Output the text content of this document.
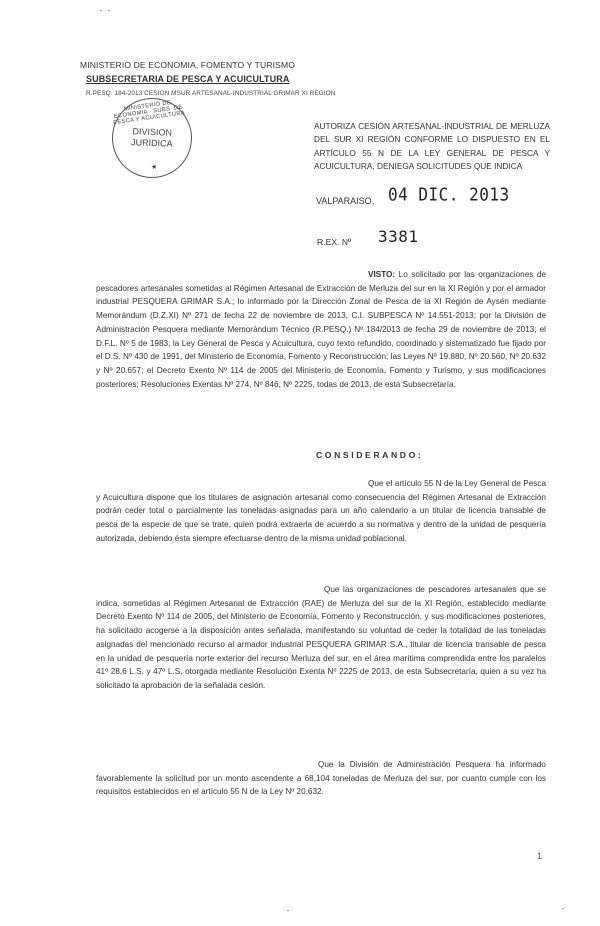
MINISTERIO DE ECONOMIA, FOMENTO Y TURISMO
SUBSECRETARIA DE PESCA Y ACUICULTURA
R.PESQ. 184-2013 CESION MSUR ARTESANAL-INDUSTRIAL GRIMAR XI REGION
MINISTERIO DE ECONOMIA · SUBS. DE PESCA Y ACUICULTURA
DIVISION
JURIDICA
★
AUTORIZA CESIÓN ARTESANAL-INDUSTRIAL DE MERLUZA DEL SUR XI REGIÓN CONFORME LO DISPUESTO EN EL ARTÍCULO 55 N DE LA LEY GENERAL DE PESCA Y ACUICULTURA, DENIEGA SOLICITUDES QUE INDICA
VALPARAISO, 04 DIC. 2013
R.EX. Nº 3381
VISTO: Lo solicitado por las organizaciones de pescadores artesanales sometidas al Régimen Artesanal de Extracción de Merluza del sur en la XI Región y por el armador industrial PESQUERA GRIMAR S.A.; lo informado por la Dirección Zonal de Pesca de la XI Región de Aysén mediante Memorándum (D.Z.XI) Nº 271 de fecha 22 de noviembre de 2013, C.I. SUBPESCA Nº 14.551-2013; por la División de Administración Pesquera mediante Memorándum Técnico (R.PESQ.) Nº 184/2013 de fecha 29 de noviembre de 2013; el D.F.L. Nº 5 de 1983; la Ley General de Pesca y Acuicultura, cuyo texto refundido, coordinado y sistematizado fue fijado por el D.S. Nº 430 de 1991, del Ministerio de Economía, Fomento y Reconstrucción; las Leyes Nº 19.880, Nº 20.560, Nº 20.632 y Nº 20.657; el Decreto Exento Nº 114 de 2005 del Ministerio de Economía, Fomento y Turismo, y sus modificaciones posteriores; Resoluciones Exentas Nº 274, Nº 846, Nº 2225, todas de 2013, de esta Subsecretaría.
CONSIDERANDO:
Que el artículo 55 N de la Ley General de Pesca y Acuicultura dispone que los titulares de asignación artesanal como consecuencia del Régimen Artesanal de Extracción podrán ceder total o parcialmente las toneladas asignadas para un año calendario a un titular de licencia transable de pesca de la especie de que se trate, quien podrá extraerla de acuerdo a su normativa y dentro de la unidad de pesquería autorizada, debiendo ésta siempre efectuarse dentro de la misma unidad poblacional.
Que las organizaciones de pescadores artesanales que se indica, sometidas al Régimen Artesanal de Extracción (RAE) de Merluza del sur de la XI Región, establecido mediante Decreto Exento Nº 114 de 2005, del Ministerio de Economía, Fomento y Reconstrucción, y sus modificaciones posteriores, ha solicitado acogerse a la disposición antes señalada, manifestando su voluntad de ceder la totalidad de las toneladas asignadas del mencionado recurso al armador industrial PESQUERA GRIMAR S.A., titular de licencia transable de pesca en la unidad de pesquería norte exterior del recurso Merluza del sur, en el área marítima comprendida entre los paralelos 41º 28,6 L.S. y 47º L.S, otorgada mediante Resolución Exenta Nº 2225 de 2013, de esta Subsecretaría, quien a su vez ha solicitado la aprobación de la señalada cesión.
Que la División de Administración Pesquera ha informado favorablemente la solicitud por un monto ascendente a 68,104 toneladas de Merluza del sur, por cuanto cumple con los requisitos establecidos en el artículo 55 N de la Ley Nº 20.632.
1
